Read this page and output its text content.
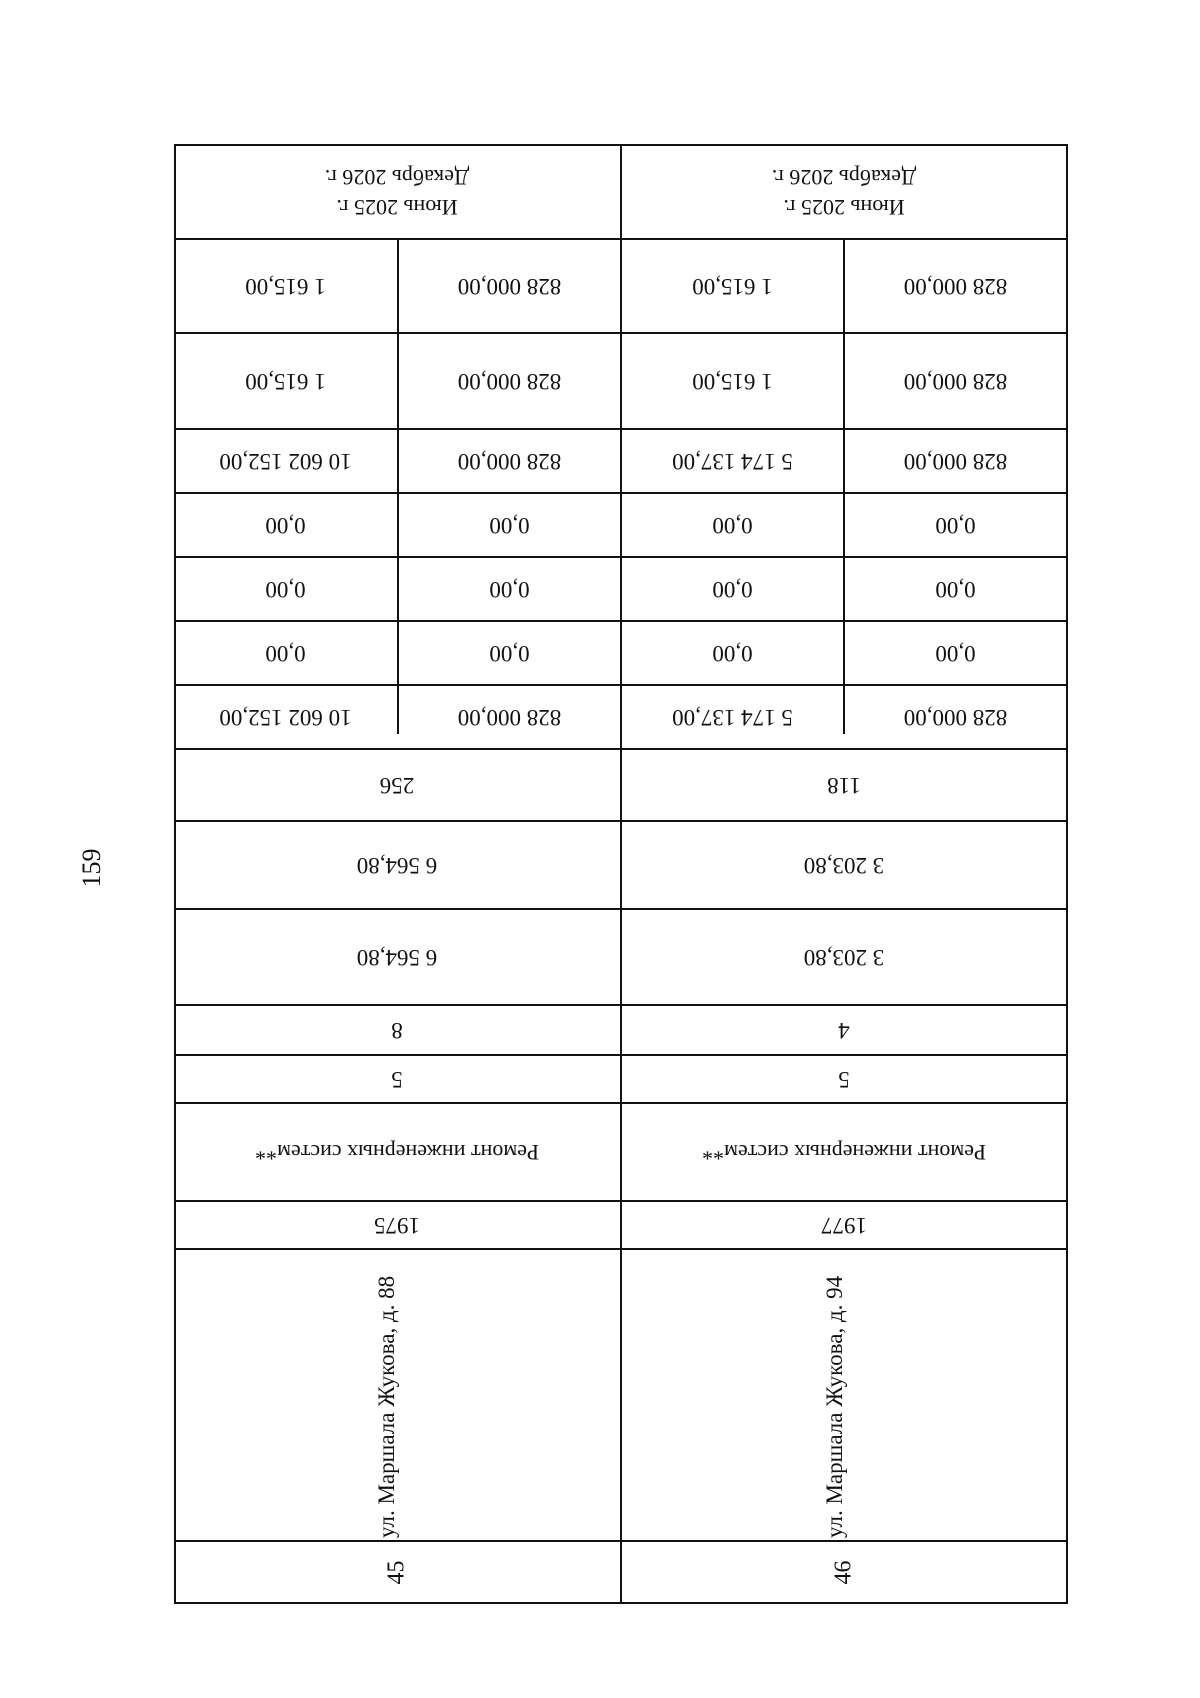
159
Июнь 2025 г.
Декабрь 2026 г.
1 615,00	828 000,00
1 615,00	828 000,00
10 602 152,00	828 000,00
0,00	0,00
0,00	0,00
0,00	0,00
10 602 152,00	828 000,00
256
6 564,80
6 564,80
8
5
Ремонт инженерных систем**
1975
ул. Маршала Жукова, д. 88
45
Июнь 2025 г.
Декабрь 2026 г.
1 615,00	828 000,00
1 615,00	828 000,00
5 174 137,00	828 000,00
0,00	0,00
0,00	0,00
0,00	0,00
5 174 137,00	828 000,00
118
3 203,80
3 203,80
4
5
Ремонт инженерных систем**
1977
ул. Маршала Жукова, д. 94
46
